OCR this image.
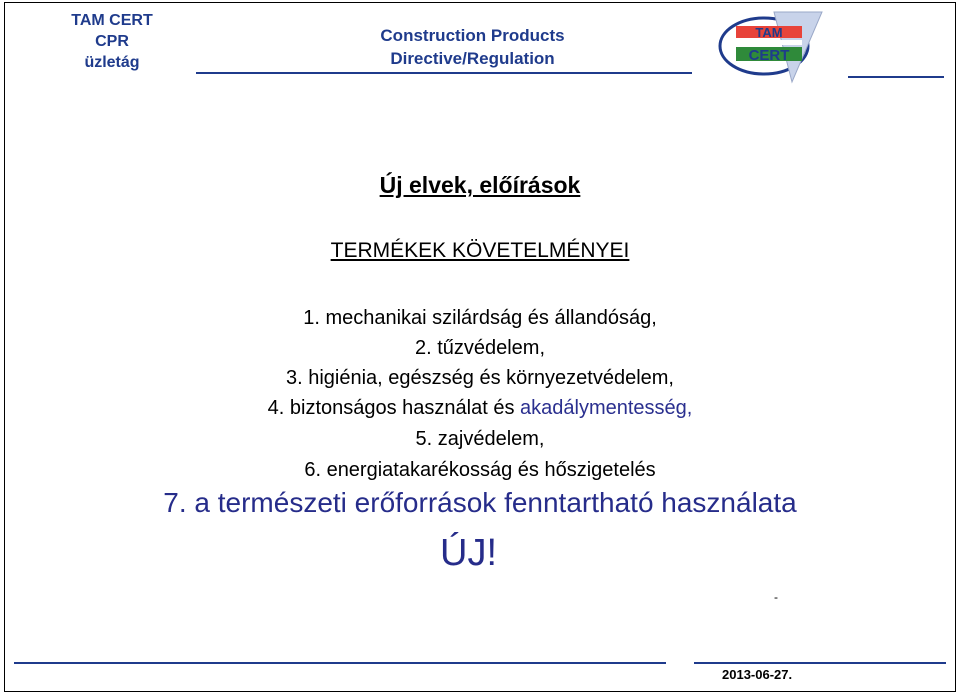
TAM CERT
CPR
üzletág
Construction Products
Directive/Regulation
TAM
CERT
Új elvek, előírások
TERMÉKEK KÖVETELMÉNYEI
1. mechanikai szilárdság és állandóság,
2. tűzvédelem,
3. higiénia, egészség és környezetvédelem,
4. biztonságos használat és akadálymentesség,
5. zajvédelem,
6. energiatakarékosság és hőszigetelés
7. a természeti erőforrások fenntartható használata
ÚJ!
-
2013-06-27.
